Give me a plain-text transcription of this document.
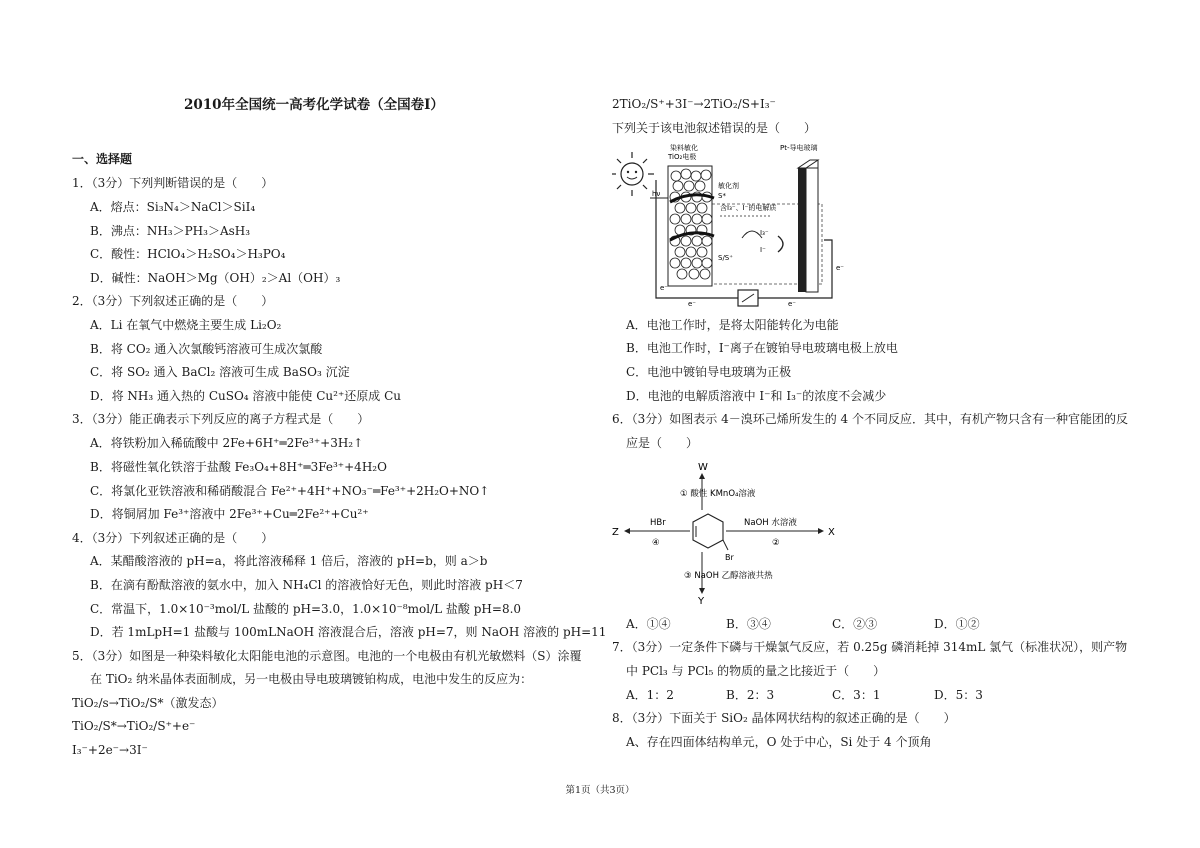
2010年全国统一高考化学试卷（全国卷Ⅰ）
一、选择题
1．（3分）下列判断错误的是（　　）
A．熔点：Si₃N₄＞NaCl＞SiI₄
B．沸点：NH₃＞PH₃＞AsH₃
C．酸性：HClO₄＞H₂SO₄＞H₃PO₄
D．碱性：NaOH＞Mg（OH）₂＞Al（OH）₃
2．（3分）下列叙述正确的是（　　）
A．Li 在氧气中燃烧主要生成 Li₂O₂
B．将 CO₂ 通入次氯酸钙溶液可生成次氯酸
C．将 SO₂ 通入 BaCl₂ 溶液可生成 BaSO₃ 沉淀
D．将 NH₃ 通入热的 CuSO₄ 溶液中能使 Cu²⁺还原成 Cu
3．（3分）能正确表示下列反应的离子方程式是（　　）
A．将铁粉加入稀硫酸中 2Fe+6H⁺═2Fe³⁺+3H₂↑
B．将磁性氧化铁溶于盐酸 Fe₃O₄+8H⁺═3Fe³⁺+4H₂O
C．将氯化亚铁溶液和稀硝酸混合 Fe²⁺+4H⁺+NO₃⁻═Fe³⁺+2H₂O+NO↑
D．将铜屑加 Fe³⁺溶液中 2Fe³⁺+Cu═2Fe²⁺+Cu²⁺
4．（3分）下列叙述正确的是（　　）
A．某醋酸溶液的 pH=a，将此溶液稀释 1 倍后，溶液的 pH=b，则 a＞b
B．在滴有酚酞溶液的氨水中，加入 NH₄Cl 的溶液恰好无色，则此时溶液 pH＜7
C．常温下，1.0×10⁻³mol/L 盐酸的 pH=3.0，1.0×10⁻⁸mol/L 盐酸 pH=8.0
D．若 1mLpH=1 盐酸与 100mLNaOH 溶液混合后，溶液 pH=7，则 NaOH 溶液的 pH=11
5．（3分）如图是一种染料敏化太阳能电池的示意图。电池的一个电极由有机光敏燃料（S）涂覆
在 TiO₂ 纳米晶体表面制成，另一电极由导电玻璃镀铂构成，电池中发生的反应为：
TiO₂/s→TiO₂/S*（激发态）
TiO₂/S*→TiO₂/S⁺+e⁻
I₃⁻+2e⁻→3I⁻
2TiO₂/S⁺+3I⁻→2TiO₂/S+I₃⁻
下列关于该电池叙述错误的是（　　）
hν
e⁻
e⁻	e⁻
e⁻
染料敏化
TiO₂电极
敏化剂
S*
含I₃⁻、I⁻的电解质
S/S⁺
Pt-导电玻璃
I₃⁻
I⁻
A．电池工作时，是将太阳能转化为电能
B．电池工作时，I⁻离子在镀铂导电玻璃电极上放电
C．电池中镀铂导电玻璃为正极
D．电池的电解质溶液中 I⁻和 I₃⁻的浓度不会减少
6．（3分）如图表示 4－溴环己烯所发生的 4 个不同反应．其中，有机产物只含有一种官能团的反
应是（　　）
W
① 酸性 KMnO₄溶液
Br
X
NaOH 水溶液
②
Z
HBr
④
Y
③ NaOH 乙醇溶液共热
A．①④	B．③④	C．②③	D．①②
7．（3分）一定条件下磷与干燥氯气反应，若 0.25g 磷消耗掉 314mL 氯气（标准状况），则产物
中 PCl₃ 与 PCl₅ 的物质的量之比接近于（　　）
A．1：2	B．2：3	C．3：1	D．5：3
8．（3分）下面关于 SiO₂ 晶体网状结构的叙述正确的是（　　）
A、存在四面体结构单元，O 处于中心，Si 处于 4 个顶角
第1页（共3页）
